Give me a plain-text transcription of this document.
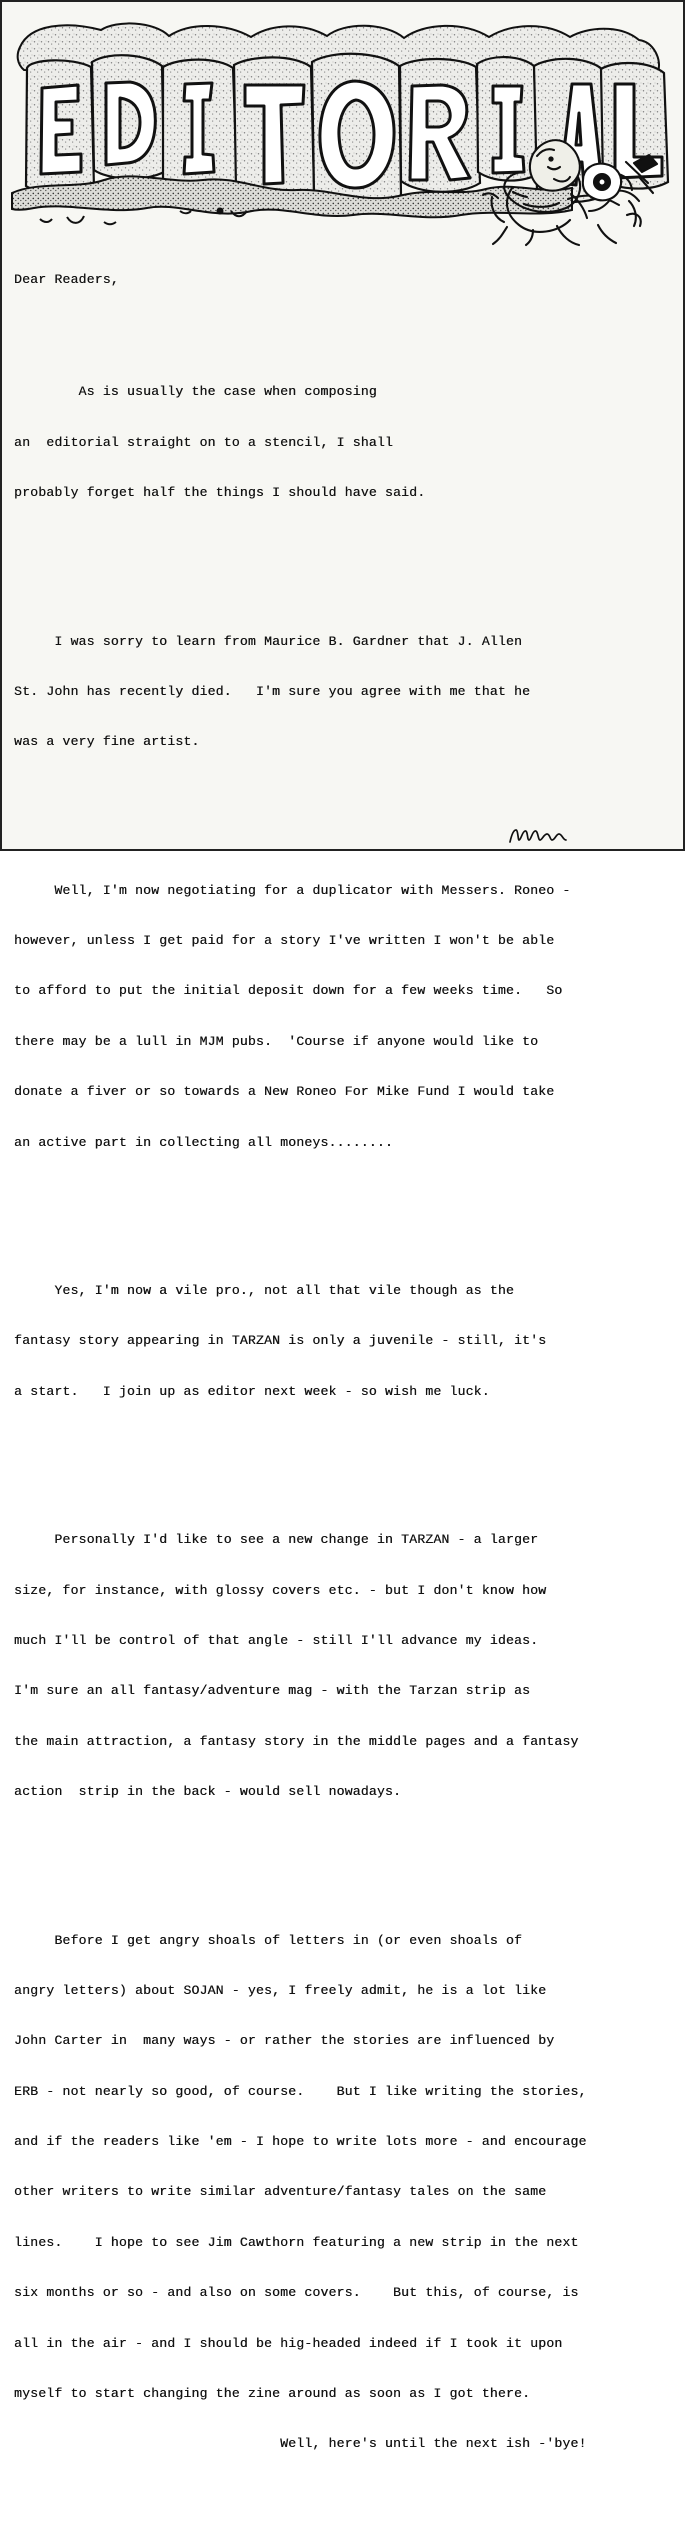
Dear Readers,

As is usually the case when composing

an  editorial straight on to a stencil, I shall

probably forget half the things I should have said.

I was sorry to learn from Maurice B. Gardner that J. Allen

St. John has recently died.   I'm sure you agree with me that he

was a very fine artist.

Well, I'm now negotiating for a duplicator with Messers. Roneo -

however, unless I get paid for a story I've written I won't be able

to afford to put the initial deposit down for a few weeks time.   So

there may be a lull in MJM pubs.  'Course if anyone would like to

donate a fiver or so towards a New Roneo For Mike Fund I would take

an active part in collecting all moneys........

Yes, I'm now a vile pro., not all that vile though as the

fantasy story appearing in TARZAN is only a juvenile - still, it's

a start.   I join up as editor next week - so wish me luck.

Personally I'd like to see a new change in TARZAN - a larger

size, for instance, with glossy covers etc. - but I don't know how

much I'll be control of that angle - still I'll advance my ideas.

I'm sure an all fantasy/adventure mag - with the Tarzan strip as

the main attraction, a fantasy story in the middle pages and a fantasy

action  strip in the back - would sell nowadays.

Before I get angry shoals of letters in (or even shoals of

angry letters) about SOJAN - yes, I freely admit, he is a lot like

John Carter in  many ways - or rather the stories are influenced by

ERB - not nearly so good, of course.    But I like writing the stories,

and if the readers like 'em - I hope to write lots more - and encourage

other writers to write similar adventure/fantasy tales on the same

lines.    I hope to see Jim Cawthorn featuring a new strip in the next

six months or so - and also on some covers.    But this, of course, is

all in the air - and I should be hig-headed indeed if I took it upon

myself to start changing the zine around as soon as I got there.

Well, here's until the next ish -'bye!
